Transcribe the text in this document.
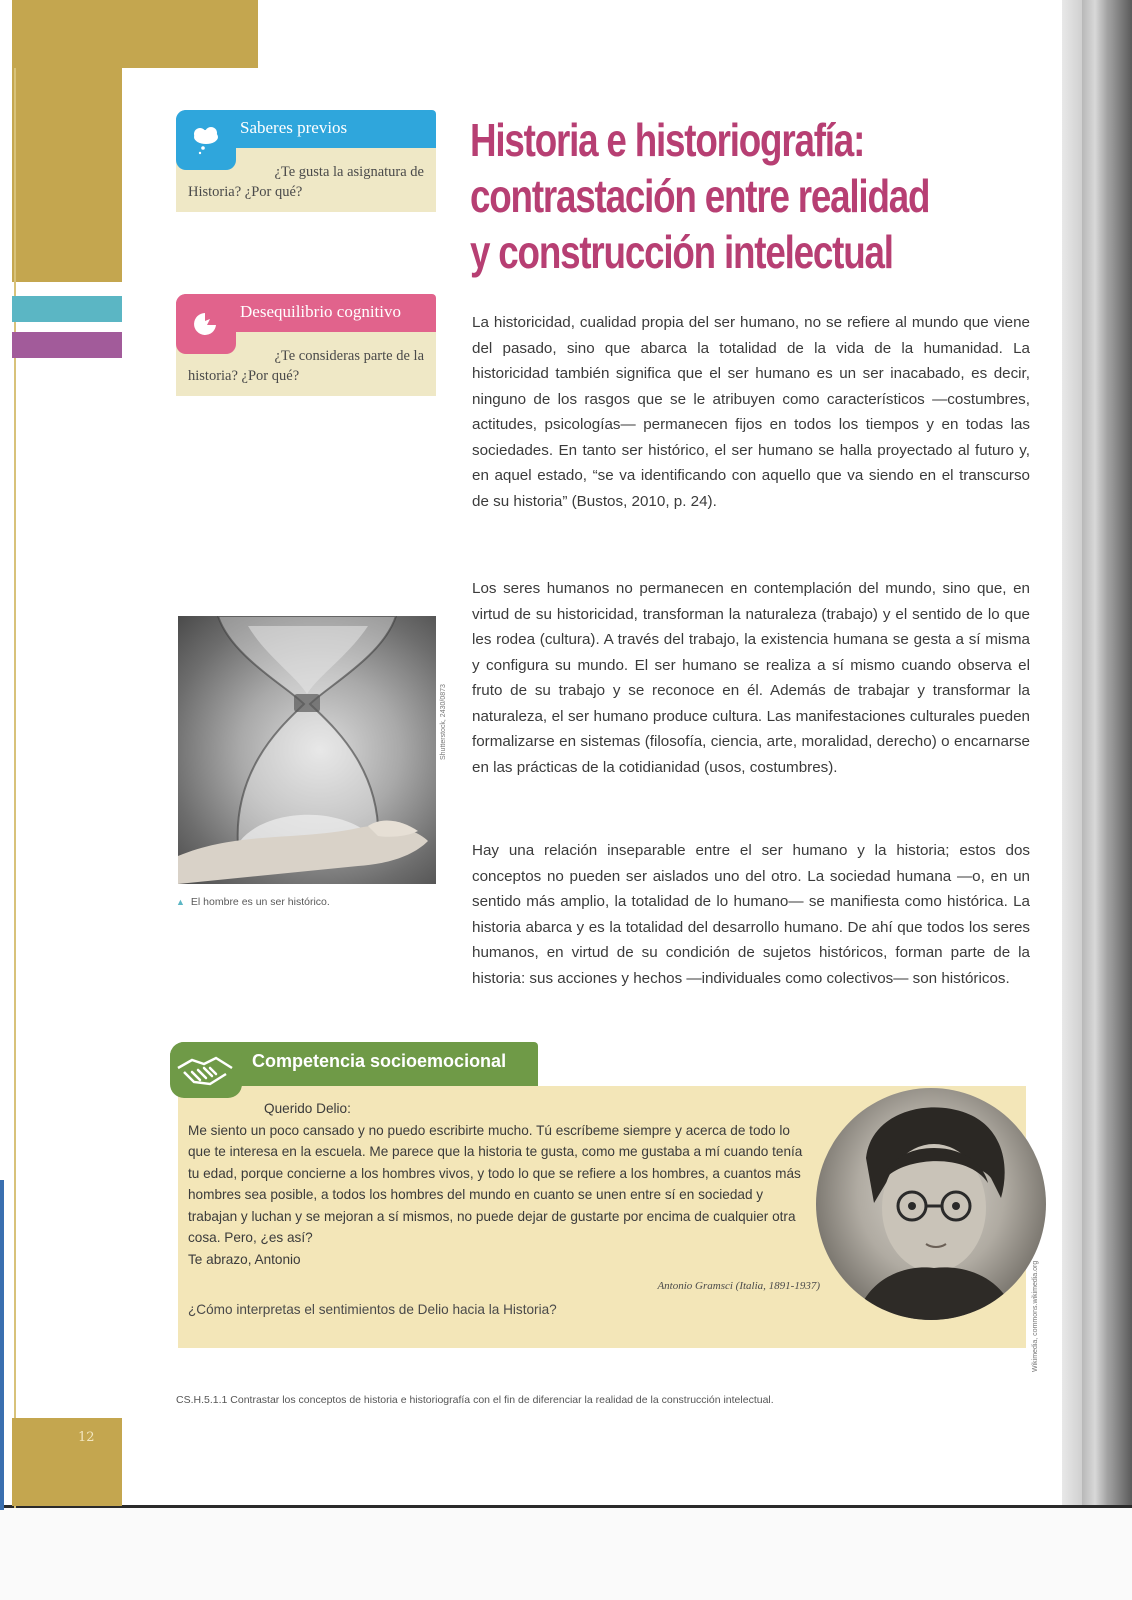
12
Saberes previos
¿Te gusta la asignatura de
Historia? ¿Por qué?
Desequilibrio cognitivo
¿Te consideras parte de la
historia? ¿Por qué?
Historia e historiografía:
contrastación entre realidad
y construcción intelectual

La historicidad, cualidad propia del ser humano, no se refiere al mundo que viene del pasado, sino que abarca la totalidad de la vida de la humanidad. La historicidad también significa que el ser humano es un ser inacabado, es decir, ninguno de los rasgos que se le atribuyen como característicos —costumbres, actitudes, psicologías— permanecen fijos en todos los tiempos y en todas las sociedades. En tanto ser histórico, el ser humano se halla proyectado al futuro y, en aquel estado, “se va identificando con aquello que va siendo en el transcurso de su historia” (Bustos, 2010, p. 24).

Los seres humanos no permanecen en contemplación del mundo, sino que, en virtud de su historicidad, transforman la naturaleza (trabajo) y el sentido de lo que les rodea (cultura). A través del trabajo, la existencia humana se gesta a sí misma y configura su mundo. El ser humano se realiza a sí mismo cuando observa el fruto de su trabajo y se reconoce en él. Además de trabajar y transformar la naturaleza, el ser humano produce cultura. Las manifestaciones culturales pueden formalizarse en sistemas (filosofía, ciencia, arte, moralidad, derecho) o encarnarse en las prácticas de la cotidianidad (usos, costumbres).

Hay una relación inseparable entre el ser humano y la historia; estos dos conceptos no pueden ser aislados uno del otro. La sociedad humana —o, en un sentido más amplio, la totalidad de lo humano— se manifiesta como histórica. La historia abarca y es la totalidad del desarrollo humano. De ahí que todos los seres humanos, en virtud de su condición de sujetos históricos, forman parte de la historia: sus acciones y hechos —individuales como colectivos— son históricos.

Shutterstock, 2430/0873
▲ El hombre es un ser histórico.
Competencia socioemocional
Querido Delio:
Me siento un poco cansado y no puedo escribirte mucho. Tú escríbeme siempre y acerca de todo lo que te interesa en la escuela. Me parece que la historia te gusta, como me gustaba a mí cuando tenía tu edad, porque concierne a los hombres vivos, y todo lo que se refiere a los hombres, a cuantos más hombres sea posible, a todos los hombres del mundo en cuanto se unen entre sí en sociedad y trabajan y luchan y se mejoran a sí mismos, no puede dejar de gustarte por encima de cualquier otra cosa. Pero, ¿es así?
Te abrazo, Antonio
Antonio Gramsci (Italia, 1891-1937)
¿Cómo interpretas el sentimientos de Delio hacia la Historia?	Wikimedia, commons.wikimedia.org
CS.H.5.1.1 Contrastar los conceptos de historia e historiografía con el fin de diferenciar la realidad de la construcción intelectual.
